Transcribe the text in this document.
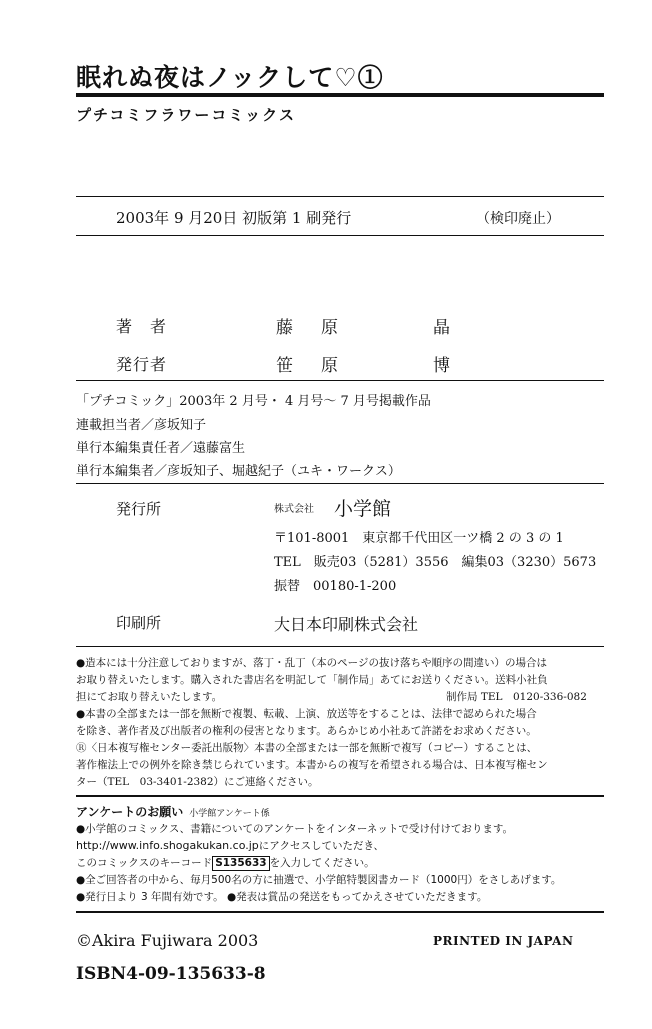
眠れぬ夜はノックして♡①
プチコミフラワーコミックス
2003年 9 月20日 初版第 1 刷発行	（検印廃止）
著者	藤 原	晶
発行者	笹 原	博
「プチコミック」2003年 2 月号・ 4 月号～ 7 月号掲載作品
連載担当者／彦坂知子
単行本編集責任者／遠藤富生
単行本編集者／彦坂知子、堀越紀子（ユキ・ワークス）
発行所	株式会社 小学館
〒101-8001　東京都千代田区一ツ橋 2 の 3 の 1
TEL　販売03（5281）3556　編集03（3230）5673
振替　00180-1-200
印刷所	大日本印刷株式会社
●造本には十分注意しておりますが、落丁・乱丁（本のページの抜け落ちや順序の間違い）の場合は
お取り替えいたします。購入された書店名を明記して「制作局」あてにお送りください。送料小社負
担にてお取り替えいたします。	制作局 TEL　0120-336-082
●本書の全部または一部を無断で複製、転載、上演、放送等をすることは、法律で認められた場合
を除き、著作者及び出版者の権利の侵害となります。あらかじめ小社あて許諾をお求めください。
Ⓡ〈日本複写権センター委託出版物〉本書の全部または一部を無断で複写（コピー）することは、
著作権法上での例外を除き禁じられています。本書からの複写を希望される場合は、日本複写権セン
ター（TEL　03-3401-2382）にご連絡ください。
アンケートのお願い 小学館アンケート係
●小学館のコミックス、書籍についてのアンケートをインターネットで受け付けております。
http://www.info.shogakukan.co.jpにアクセスしていただき、
このコミックスのキーコード S135633 を入力してください。
●全ご回答者の中から、毎月500名の方に抽選で、小学館特製図書カード（1000円）をさしあげます。
●発行日より 3 年間有効です。 ●発表は賞品の発送をもってかえさせていただきます。
©Akira Fujiwara 2003	PRINTED IN JAPAN
ISBN4-09-135633-8
